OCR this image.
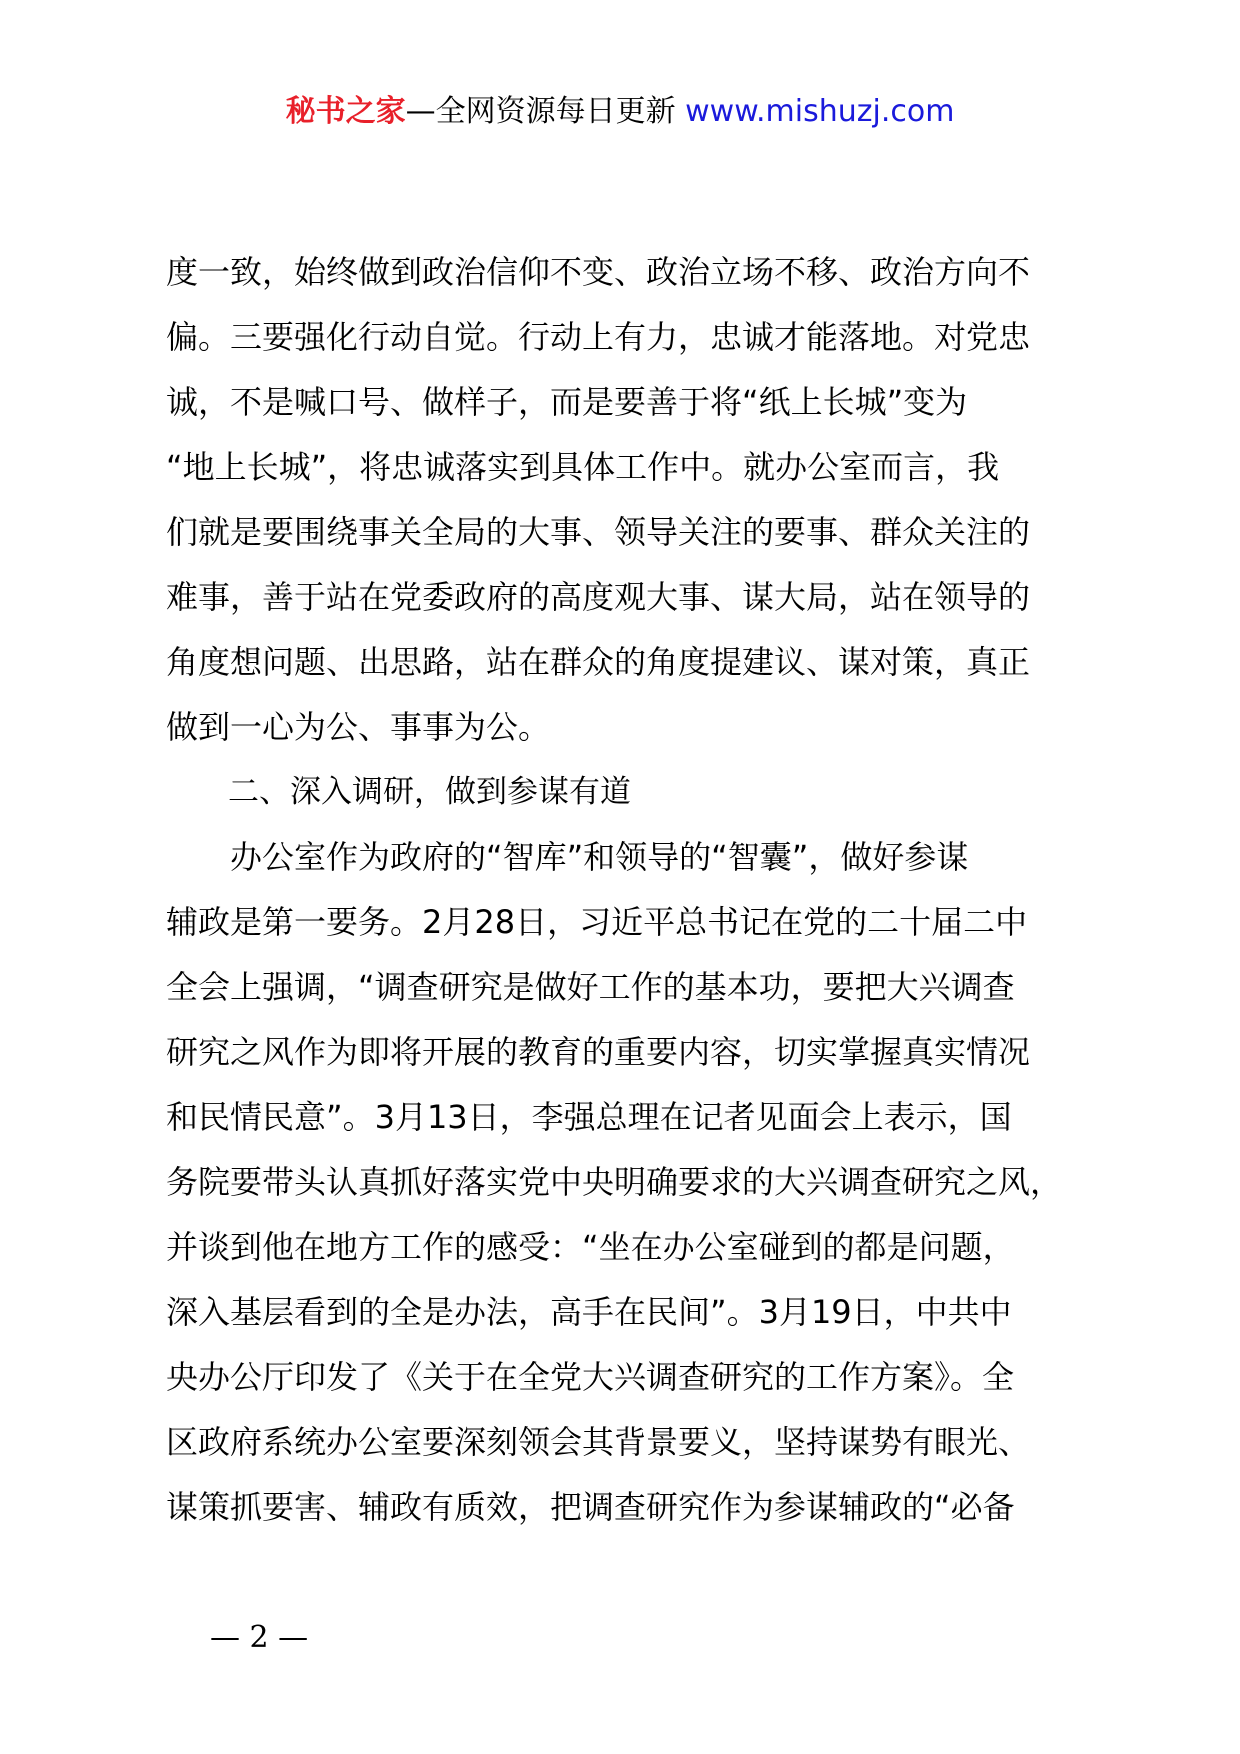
秘书之家—全网资源每日更新 www.mishuzj.com
度一致，始终做到政治信仰不变、政治立场不移、政治方向不
偏。三要强化行动自觉。行动上有力，忠诚才能落地。对党忠
诚，不是喊口号、做样子，而是要善于将“纸上长城”变为
“地上长城”，将忠诚落实到具体工作中。就办公室而言，我
们就是要围绕事关全局的大事、领导关注的要事、群众关注的
难事，善于站在党委政府的高度观大事、谋大局，站在领导的
角度想问题、出思路，站在群众的角度提建议、谋对策，真正
做到一心为公、事事为公。
　　二、深入调研，做到参谋有道
　　办公室作为政府的“智库”和领导的“智囊”，做好参谋
辅政是第一要务。2月28日，习近平总书记在党的二十届二中
全会上强调，“调查研究是做好工作的基本功，要把大兴调查
研究之风作为即将开展的教育的重要内容，切实掌握真实情况
和民情民意”。3月13日，李强总理在记者见面会上表示，国
务院要带头认真抓好落实党中央明确要求的大兴调查研究之风，
并谈到他在地方工作的感受：“坐在办公室碰到的都是问题，
深入基层看到的全是办法，高手在民间”。3月19日，中共中
央办公厅印发了《关于在全党大兴调查研究的工作方案》。全
区政府系统办公室要深刻领会其背景要义，坚持谋势有眼光、
谋策抓要害、辅政有质效，把调查研究作为参谋辅政的“必备
— 2 —
